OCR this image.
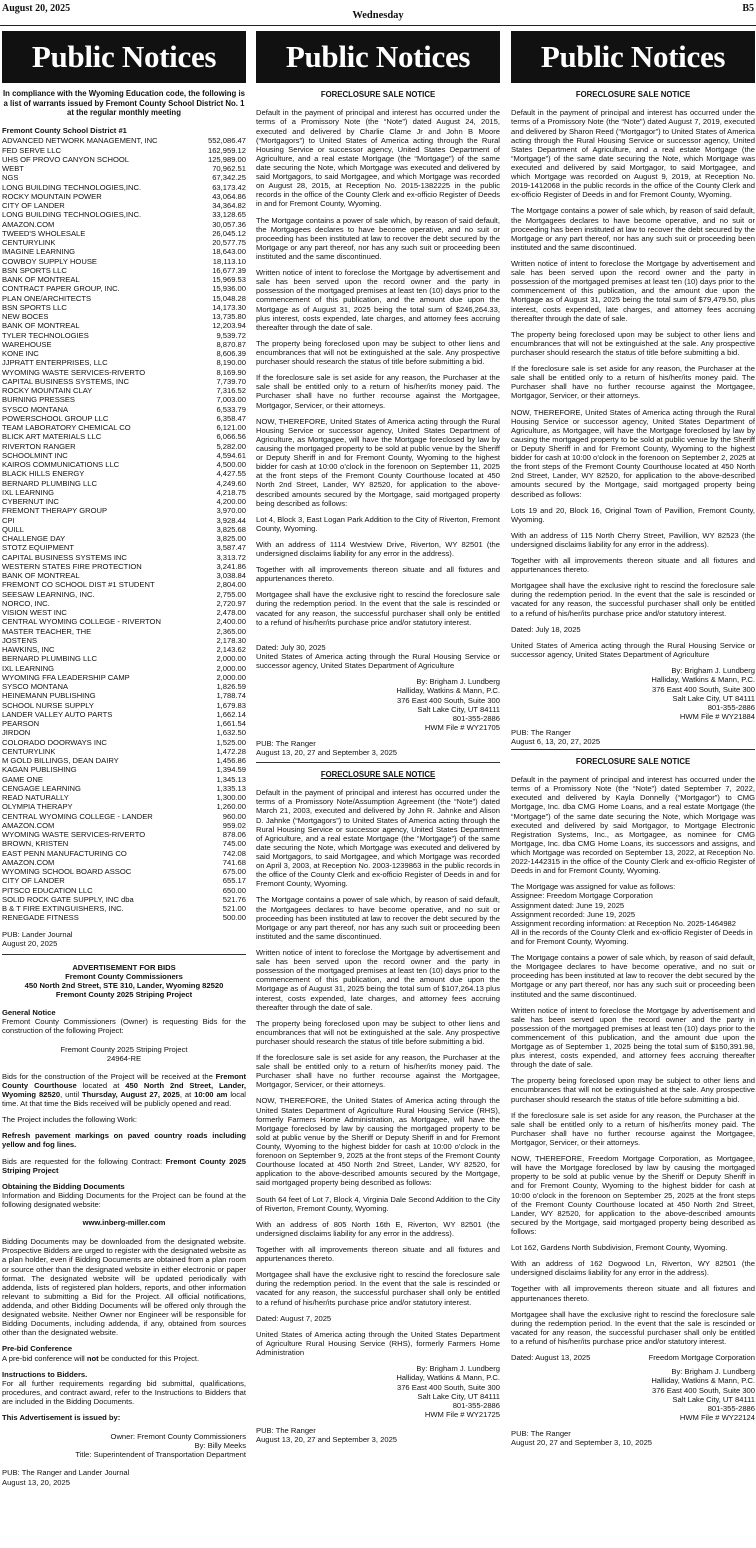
August 20, 2025
Wednesday
B5
Public Notices
In compliance with the Wyoming Education code, the following is a list of warrants issued by Fremont County School District No. 1 at the regular monthly meeting
Fremont County School District #1
ADVANCED NETWORK MANAGEMENT, INC	552,086.47
FED SERVE LLC	162,959.12
UHS OF PROVO CANYON SCHOOL	125,989.00
WEBT	70,962.51
NGS	67,342.25
LONG BUILDING TECHNOLOGIES,INC.	63,173.42
ROCKY MOUNTAIN POWER	43,064.86
CITY OF LANDER	34,364.82
LONG BUILDING TECHNOLOGIES,INC.	33,128.65
AMAZON.COM	30,057.36
TWEED'S WHOLESALE	26,045.12
CENTURYLINK	20,577.75
IMAGINE LEARNING	18,643.00
COWBOY SUPPLY HOUSE	18,113.10
BSN SPORTS LLC	16,677.39
BANK OF MONTREAL	15,969.53
CONTRACT PAPER GROUP, INC.	15,936.00
PLAN ONE/ARCHITECTS	15,048.28
BSN SPORTS LLC	14,173.30
NEW BOCES	13,735.80
BANK OF MONTREAL	12,203.94
TYLER TECHNOLOGIES	9,539.72
WAREHOUSE	8,870.87
KONE INC	8,606.39
JJPRATT ENTERPRISES, LLC	8,190.00
WYOMING WASTE SERVICES-RIVERTO	8,169.90
CAPITAL BUSINESS SYSTEMS, INC	7,739.70
ROCKY MOUNTAIN CLAY	7,316.52
BURNING PRESSES	7,003.00
SYSCO MONTANA	6,533.79
POWERSCHOOL GROUP LLC	6,358.47
TEAM LABORATORY CHEMICAL CO	6,121.00
BLICK ART MATERIALS LLC	6,066.56
RIVERTON RANGER	5,282.00
SCHOOLMINT INC	4,594.61
KAIROS COMMUNICATIONS LLC	4,500.00
BLACK HILLS ENERGY	4,427.55
BERNARD PLUMBING LLC	4,249.60
IXL LEARNING	4,218.75
CYBERNUT INC	4,200.00
FREMONT THERAPY GROUP	3,970.00
CPI	3,928.44
QUILL	3,825.68
CHALLENGE DAY	3,825.00
STOTZ EQUIPMENT	3,587.47
CAPITAL BUSINESS SYSTEMS INC	3,313.72
WESTERN STATES FIRE PROTECTION	3,241.86
BANK OF MONTREAL	3,038.84
FREMONT CO SCHOOL DIST #1 STUDENT	2,804.00
SEESAW LEARNING, INC.	2,755.00
NORCO, INC.	2,720.97
VISION WEST INC	2,478.00
CENTRAL WYOMING COLLEGE - RIVERTON	2,400.00
MASTER TEACHER, THE	2,365.00
JOSTENS	2,178.30
HAWKINS, INC	2,143.62
BERNARD PLUMBING LLC	2,000.00
IXL LEARNING	2,000.00
WYOMING FFA LEADERSHIP CAMP	2,000.00
SYSCO MONTANA	1,826.59
HEINEMANN PUBLISHING	1,788.74
SCHOOL NURSE SUPPLY	1,679.83
LANDER VALLEY AUTO PARTS	1,662.14
PEARSON	1,661.54
JIRDON	1,632.50
COLORADO DOORWAYS INC	1,525.00
CENTURYLINK	1,472.28
M GOLD BILLINGS, DEAN DAIRY	1,456.86
KAGAN PUBLISHING	1,394.59
GAME ONE	1,345.13
CENGAGE LEARNING	1,335.13
READ NATURALLY	1,300.00
OLYMPIA THERAPY	1,260.00
CENTRAL WYOMING COLLEGE - LANDER	960.00
AMAZON.COM	959.02
WYOMING WASTE SERVICES-RIVERTO	878.06
BROWN, KRISTEN	745.00
EAST PENN MANUFACTURING CO	742.08
AMAZON.COM	741.68
WYOMING SCHOOL BOARD ASSOC	675.00
CITY OF LANDER	655.17
PITSCO EDUCATION LLC	650.00
SOLID ROCK GATE SUPPLY, INC dba	521.76
B & T FIRE EXTINGUISHERS, INC.	521.00
RENEGADE FITNESS	500.00
PUB: Lander Journal
August 20, 2025
ADVERTISEMENT FOR BIDS
Fremont County Commissioners
450 North 2nd Street, STE 310, Lander, Wyoming 82520
Fremont County 2025 Striping Project
General Notice

Fremont County Commissioners (Owner) is requesting Bids for the construction of the following Project:

Fremont County 2025 Striping Project
24964-RE

Bids for the construction of the Project will be received at the Fremont County Courthouse located at 450 North 2nd Street, Lander, Wyoming 82520, until Thursday, August 27, 2025, at 10:00 am local time. At that time the Bids received will be publicly opened and read.

The Project includes the following Work:

Refresh pavement markings on paved country roads including yellow and fog lines.

Bids are requested for the following Contract: Fremont County 2025 Striping Project

Obtaining the Bidding Documents

Information and Bidding Documents for the Project can be found at the following designated website:

www.inberg-miller.com

Bidding Documents may be downloaded from the designated website. Prospective Bidders are urged to register with the designated website as a plan holder, even if Bidding Documents are obtained from a plan room or source other than the designated website in either electronic or paper format. The designated website will be updated periodically with addenda, lists of registered plan holders, reports, and other information relevant to submitting a Bid for the Project. All official notifications, addenda, and other Bidding Documents will be offered only through the designated website. Neither Owner nor Engineer will be responsible for Bidding Documents, including addenda, if any, obtained from sources other than the designated website.

Pre-bid Conference

A pre-bid conference will not be conducted for this Project.

Instructions to Bidders.

For all further requirements regarding bid submittal, qualifications, procedures, and contract award, refer to the Instructions to Bidders that are included in the Bidding Documents.

This Advertisement is issued by:
Owner: Fremont County Commissioners
By: Billy Meeks
Title: Superintendent of Transportation Department
PUB: The Ranger and Lander Journal
August 13, 20, 2025
Public Notices
FORECLOSURE SALE NOTICE

Default in the payment of principal and interest has occurred under the terms of a Promissory Note (the “Note”) dated August 24, 2015, executed and delivered by Charlie Clame Jr and John B Moore (“Mortgagors”) to United States of America acting through the Rural Housing Service or successor agency, United States Department of Agriculture, and a real estate Mortgage (the “Mortgage”) of the same date securing the Note, which Mortgage was executed and delivered by said Mortgagors, to said Mortgagee, and which Mortgage was recorded on August 28, 2015, at Reception No. 2015-1382225 in the public records in the office of the County Clerk and ex-officio Register of Deeds in and for Fremont County, Wyoming.

The Mortgage contains a power of sale which, by reason of said default, the Mortgagees declares to have become operative, and no suit or proceeding has been instituted at law to recover the debt secured by the Mortgage or any part thereof, nor has any such suit or proceeding been instituted and the same discontinued.

Written notice of intent to foreclose the Mortgage by advertisement and sale has been served upon the record owner and the party in possession of the mortgaged premises at least ten (10) days prior to the commencement of this publication, and the amount due upon the Mortgage as of August 31, 2025 being the total sum of $246,264.33, plus interest, costs expended, late charges, and attorney fees accruing thereafter through the date of sale.

The property being foreclosed upon may be subject to other liens and encumbrances that will not be extinguished at the sale. Any prospective purchaser should research the status of title before submitting a bid.

If the foreclosure sale is set aside for any reason, the Purchaser at the sale shall be entitled only to a return of his/her/its money paid. The Purchaser shall have no further recourse against the Mortgagee, Mortgagor, Servicer, or their attorneys.

NOW, THEREFORE, United States of America acting through the Rural Housing Service or successor agency, United States Department of Agriculture, as Mortgagee, will have the Mortgage foreclosed by law by causing the mortgaged property to be sold at public venue by the Sheriff or Deputy Sheriff in and for Fremont County, Wyoming to the highest bidder for cash at 10:00 o’clock in the forenoon on September 11, 2025 at the front steps of the Fremont County Courthouse located at 450 North 2nd Street, Lander, WY 82520, for application to the above-described amounts secured by the Mortgage, said mortgaged property being described as follows:

Lot 4, Block 3, East Logan Park Addition to the City of Riverton, Fremont County, Wyoming.

With an address of 1114 Westview Drive, Riverton, WY 82501 (the undersigned disclaims liability for any error in the address).

Together with all improvements thereon situate and all fixtures and appurtenances thereto.

Mortgagee shall have the exclusive right to rescind the foreclosure sale during the redemption period. In the event that the sale is rescinded or vacated for any reason, the successful purchaser shall only be entitled to a refund of his/her/its purchase price and/or statutory interest.

Dated: July 30, 2025

United States of America acting through the Rural Housing Service or successor agency, United States Department of Agriculture

By: Brigham J. Lundberg
Halliday, Watkins & Mann, P.C.
376 East 400 South, Suite 300
Salt Lake City, UT 84111
801-355-2886
HWM File # WY21705
PUB: The Ranger
August 13, 20, 27 and September 3, 2025
FORECLOSURE SALE NOTICE

Default in the payment of principal and interest has occurred under the terms of a Promissory Note/Assumption Agreement (the “Note”) dated March 21, 2003, executed and delivered by John R. Jahnke and Alison D. Jahnke (“Mortgagors”) to United States of America acting through the Rural Housing Service or successor agency, United States Department of Agriculture, and a real estate Mortgage (the “Mortgage”) of the same date securing the Note, which Mortgage was executed and delivered by said Mortgagors, to said Mortgagee, and which Mortgage was recorded on April 3, 2003, at Reception No. 2003-1239863 in the public records in the office of the County Clerk and ex-officio Register of Deeds in and for Fremont County, Wyoming.

The Mortgage contains a power of sale which, by reason of said default, the Mortgagees declares to have become operative, and no suit or proceeding has been instituted at law to recover the debt secured by the Mortgage or any part thereof, nor has any such suit or proceeding been instituted and the same discontinued.

Written notice of intent to foreclose the Mortgage by advertisement and sale has been served upon the record owner and the party in possession of the mortgaged premises at least ten (10) days prior to the commencement of this publication, and the amount due upon the Mortgage as of August 31, 2025 being the total sum of $107,264.13 plus interest, costs expended, late charges, and attorney fees accruing thereafter through the date of sale.

The property being foreclosed upon may be subject to other liens and encumbrances that will not be extinguished at the sale. Any prospective purchaser should research the status of title before submitting a bid.

If the foreclosure sale is set aside for any reason, the Purchaser at the sale shall be entitled only to a return of his/her/its money paid. The Purchaser shall have no further recourse against the Mortgagee, Mortgagor, Servicer, or their attorneys.

NOW, THEREFORE, the United States of America acting through the United States Department of Agriculture Rural Housing Service (RHS), formerly Farmers Home Administration, as Mortgagee, will have the Mortgage foreclosed by law by causing the mortgaged property to be sold at public venue by the Sheriff or Deputy Sheriff in and for Fremont County, Wyoming to the highest bidder for cash at 10:00 o’clock in the forenoon on September 9, 2025 at the front steps of the Fremont County Courthouse located at 450 North 2nd Street, Lander, WY 82520, for application to the above-described amounts secured by the Mortgage, said mortgaged property being described as follows:

South 64 feet of Lot 7, Block 4, Virginia Dale Second Addition to the City of Riverton, Fremont County, Wyoming.

With an address of 805 North 16th E, Riverton, WY 82501 (the undersigned disclaims liability for any error in the address).

Together with all improvements thereon situate and all fixtures and appurtenances thereto.

Mortgagee shall have the exclusive right to rescind the foreclosure sale during the redemption period. In the event that the sale is rescinded or vacated for any reason, the successful purchaser shall only be entitled to a refund of his/her/its purchase price and/or statutory interest.

Dated: August 7, 2025

United States of America acting through the United States Department of Agriculture Rural Housing Service (RHS), formerly Farmers Home Administration

By: Brigham J. Lundberg
Halliday, Watkins & Mann, P.C.
376 East 400 South, Suite 300
Salt Lake City, UT 84111
801-355-2886
HWM File # WY21725
PUB: The Ranger
August 13, 20, 27 and September 3, 2025
Public Notices
FORECLOSURE SALE NOTICE

Default in the payment of principal and interest has occurred under the terms of a Promissory Note (the “Note”) dated August 7, 2019, executed and delivered by Sharon Reed (“Mortgagor”) to United States of America acting through the Rural Housing Service or successor agency, United States Department of Agriculture, and a real estate Mortgage (the “Mortgage”) of the same date securing the Note, which Mortgage was executed and delivered by said Mortgagor, to said Mortgagee, and which Mortgage was recorded on August 9, 2019, at Reception No. 2019-1412068 in the public records in the office of the County Clerk and ex-officio Register of Deeds in and for Fremont County, Wyoming.

The Mortgage contains a power of sale which, by reason of said default, the Mortgagees declares to have become operative, and no suit or proceeding has been instituted at law to recover the debt secured by the Mortgage or any part thereof, nor has any such suit or proceeding been instituted and the same discontinued.

Written notice of intent to foreclose the Mortgage by advertisement and sale has been served upon the record owner and the party in possession of the mortgaged premises at least ten (10) days prior to the commencement of this publication, and the amount due upon the Mortgage as of August 31, 2025 being the total sum of $79,479.50, plus interest, costs expended, late charges, and attorney fees accruing thereafter through the date of sale.

The property being foreclosed upon may be subject to other liens and encumbrances that will not be extinguished at the sale. Any prospective purchaser should research the status of title before submitting a bid.

If the foreclosure sale is set aside for any reason, the Purchaser at the sale shall be entitled only to a return of his/her/its money paid. The Purchaser shall have no further recourse against the Mortgagee, Mortgagor, Servicer, or their attorneys.

NOW, THEREFORE, United States of America acting through the Rural Housing Service or successor agency, United States Department of Agriculture, as Mortgagee, will have the Mortgage foreclosed by law by causing the mortgaged property to be sold at public venue by the Sheriff or Deputy Sheriff in and for Fremont County, Wyoming to the highest bidder for cash at 10:00 o’clock in the forenoon on September 2, 2025 at the front steps of the Fremont County Courthouse located at 450 North 2nd Street, Lander, WY 82520, for application to the above-described amounts secured by the Mortgage, said mortgaged property being described as follows:

Lots 19 and 20, Block 16, Original Town of Pavillion, Fremont County, Wyoming.

With an address of 115 North Cherry Street, Pavillion, WY 82523 (the undersigned disclaims liability for any error in the address).

Together with all improvements thereon situate and all fixtures and appurtenances thereto.

Mortgagee shall have the exclusive right to rescind the foreclosure sale during the redemption period. In the event that the sale is rescinded or vacated for any reason, the successful purchaser shall only be entitled to a refund of his/her/its purchase price and/or statutory interest.

Dated: July 18, 2025

United States of America acting through the Rural Housing Service or successor agency, United States Department of Agriculture

By: Brigham J. Lundberg
Halliday, Watkins & Mann, P.C.
376 East 400 South, Suite 300
Salt Lake City, UT 84111
801-355-2886
HWM File # WY21884
PUB: The Ranger
August 6, 13, 20, 27, 2025
FORECLOSURE SALE NOTICE

Default in the payment of principal and interest has occurred under the terms of a Promissory Note (the “Note”) dated September 7, 2022, executed and delivered by Kayla Donnelly (“Mortgagor”) to CMG Mortgage, Inc. dba CMG Home Loans, and a real estate Mortgage (the “Mortgage”) of the same date securing the Note, which Mortgage was executed and delivered by said Mortgagor, to Mortgage Electronic Registration Systems, Inc., as Mortgagee, as nominee for CMG Mortgage, Inc. dba CMG Home Loans, its successors and assigns, and which Mortgage was recorded on September 13, 2022, at Reception No. 2022-1442315 in the office of the County Clerk and ex-officio Register of Deeds in and for Fremont County, Wyoming.

The Mortgage was assigned for value as follows:
Assignee: Freedom Mortgage Corporation
Assignment dated: June 19, 2025
Assignment recorded: June 19, 2025
Assignment recording information: at Reception No. 2025-1464982
All in the records of the County Clerk and ex-officio Register of Deeds in and for Fremont County, Wyoming.

The Mortgage contains a power of sale which, by reason of said default, the Mortgagee declares to have become operative, and no suit or proceeding has been instituted at law to recover the debt secured by the Mortgage or any part thereof, nor has any such suit or proceeding been instituted and the same discontinued.

Written notice of intent to foreclose the Mortgage by advertisement and sale has been served upon the record owner and the party in possession of the mortgaged premises at least ten (10) days prior to the commencement of this publication, and the amount due upon the Mortgage as of September 1, 2025 being the total sum of $150,391.98, plus interest, costs expended, and attorney fees accruing thereafter through the date of sale.

The property being foreclosed upon may be subject to other liens and encumbrances that will not be extinguished at the sale. Any prospective purchaser should research the status of title before submitting a bid.

If the foreclosure sale is set aside for any reason, the Purchaser at the sale shall be entitled only to a return of his/her/its money paid. The Purchaser shall have no further recourse against the Mortgagee, Mortgagor, Servicer, or their attorneys.

NOW, THEREFORE, Freedom Mortgage Corporation, as Mortgagee, will have the Mortgage foreclosed by law by causing the mortgaged property to be sold at public venue by the Sheriff or Deputy Sheriff in and for Fremont County, Wyoming to the highest bidder for cash at 10:00 o’clock in the forenoon on September 25, 2025 at the front steps of the Fremont County Courthouse located at 450 North 2nd Street, Lander, WY 82520, for application to the above-described amounts secured by the Mortgage, said mortgaged property being described as follows:

Lot 162, Gardens North Subdivision, Fremont County, Wyoming.

With an address of 162 Dogwood Ln, Riverton, WY 82501 (the undersigned disclaims liability for any error in the address).

Together with all improvements thereon situate and all fixtures and appurtenances thereto.

Mortgagee shall have the exclusive right to rescind the foreclosure sale during the redemption period. In the event that the sale is rescinded or vacated for any reason, the successful purchaser shall only be entitled to a refund of his/her/its purchase price and/or statutory interest.

Dated: August 13, 2025	Freedom Mortgage Corporation
By: Brigham J. Lundberg
Halliday, Watkins & Mann, P.C.
376 East 400 South, Suite 300
Salt Lake City, UT 84111
801-355-2886
HWM File # WY22124
PUB: The Ranger
August 20, 27 and September 3, 10, 2025
